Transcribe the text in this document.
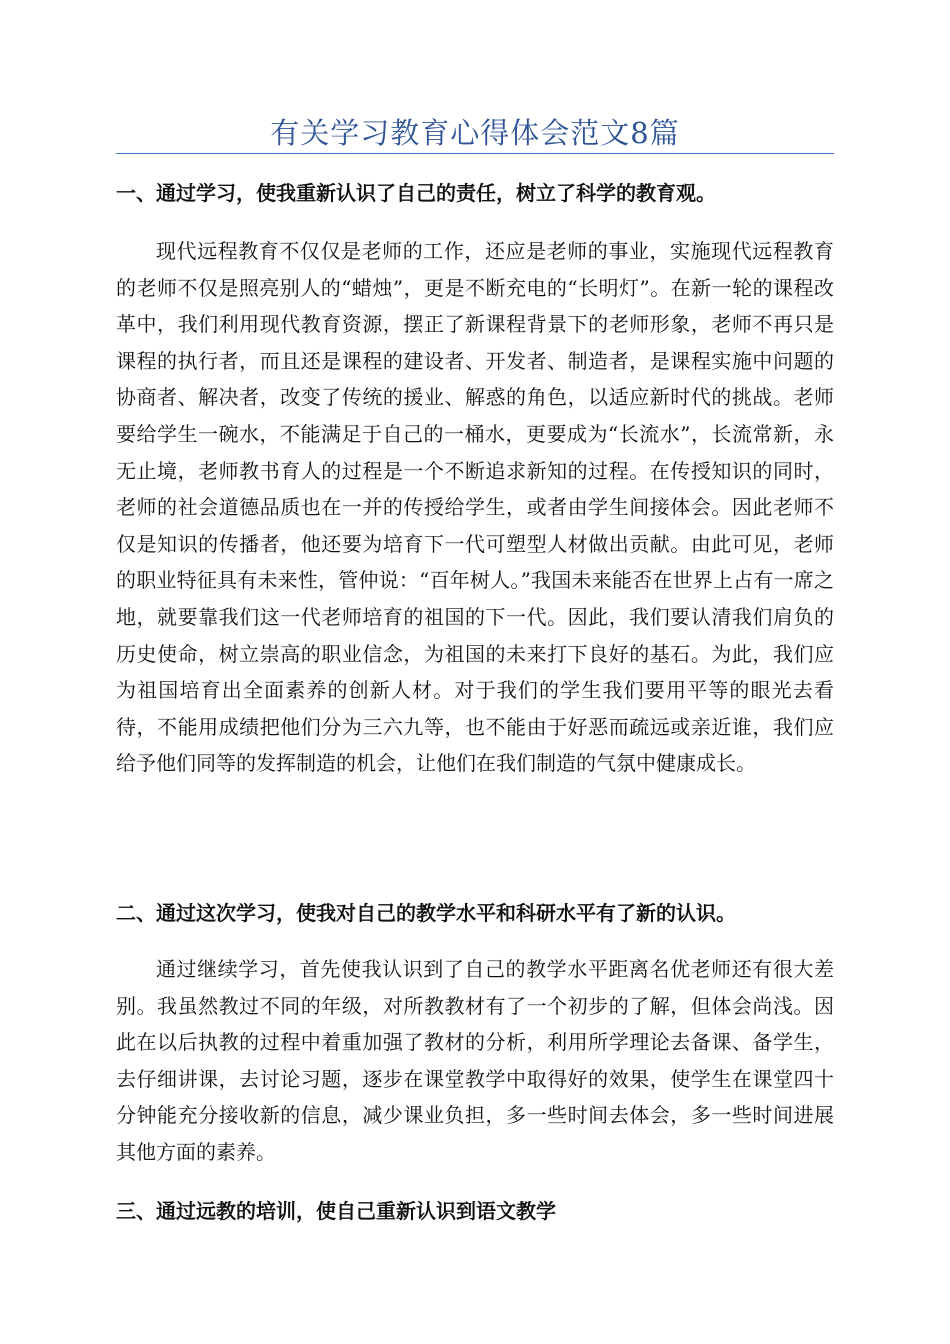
有关学习教育心得体会范文8篇
一、通过学习，使我重新认识了自己的责任，树立了科学的教育观。

现代远程教育不仅仅是老师的工作，还应是老师的事业，实施现代远程教育的老师不仅是照亮别人的“蜡烛”，更是不断充电的“长明灯”。在新一轮的课程改革中，我们利用现代教育资源，摆正了新课程背景下的老师形象，老师不再只是课程的执行者，而且还是课程的建设者、开发者、制造者，是课程实施中问题的协商者、解决者，改变了传统的援业、解惑的角色，以适应新时代的挑战。老师要给学生一碗水，不能满足于自己的一桶水，更要成为“长流水”，长流常新，永无止境，老师教书育人的过程是一个不断追求新知的过程。在传授知识的同时，老师的社会道德品质也在一并的传授给学生，或者由学生间接体会。因此老师不仅是知识的传播者，他还要为培育下一代可塑型人材做出贡献。由此可见，老师的职业特征具有未来性，管仲说：“百年树人。”我国未来能否在世界上占有一席之地，就要靠我们这一代老师培育的祖国的下一代。因此，我们要认清我们肩负的历史使命，树立崇高的职业信念，为祖国的未来打下良好的基石。为此，我们应为祖国培育出全面素养的创新人材。对于我们的学生我们要用平等的眼光去看待，不能用成绩把他们分为三六九等，也不能由于好恶而疏远或亲近谁，我们应给予他们同等的发挥制造的机会，让他们在我们制造的气氛中健康成长。

二、通过这次学习，使我对自己的教学水平和科研水平有了新的认识。

通过继续学习，首先使我认识到了自己的教学水平距离名优老师还有很大差别。我虽然教过不同的年级，对所教教材有了一个初步的了解，但体会尚浅。因此在以后执教的过程中着重加强了教材的分析，利用所学理论去备课、备学生，去仔细讲课，去讨论习题，逐步在课堂教学中取得好的效果，使学生在课堂四十分钟能充分接收新的信息，减少课业负担，多一些时间去体会，多一些时间进展其他方面的素养。

三、通过远教的培训，使自己重新认识到语文教学
